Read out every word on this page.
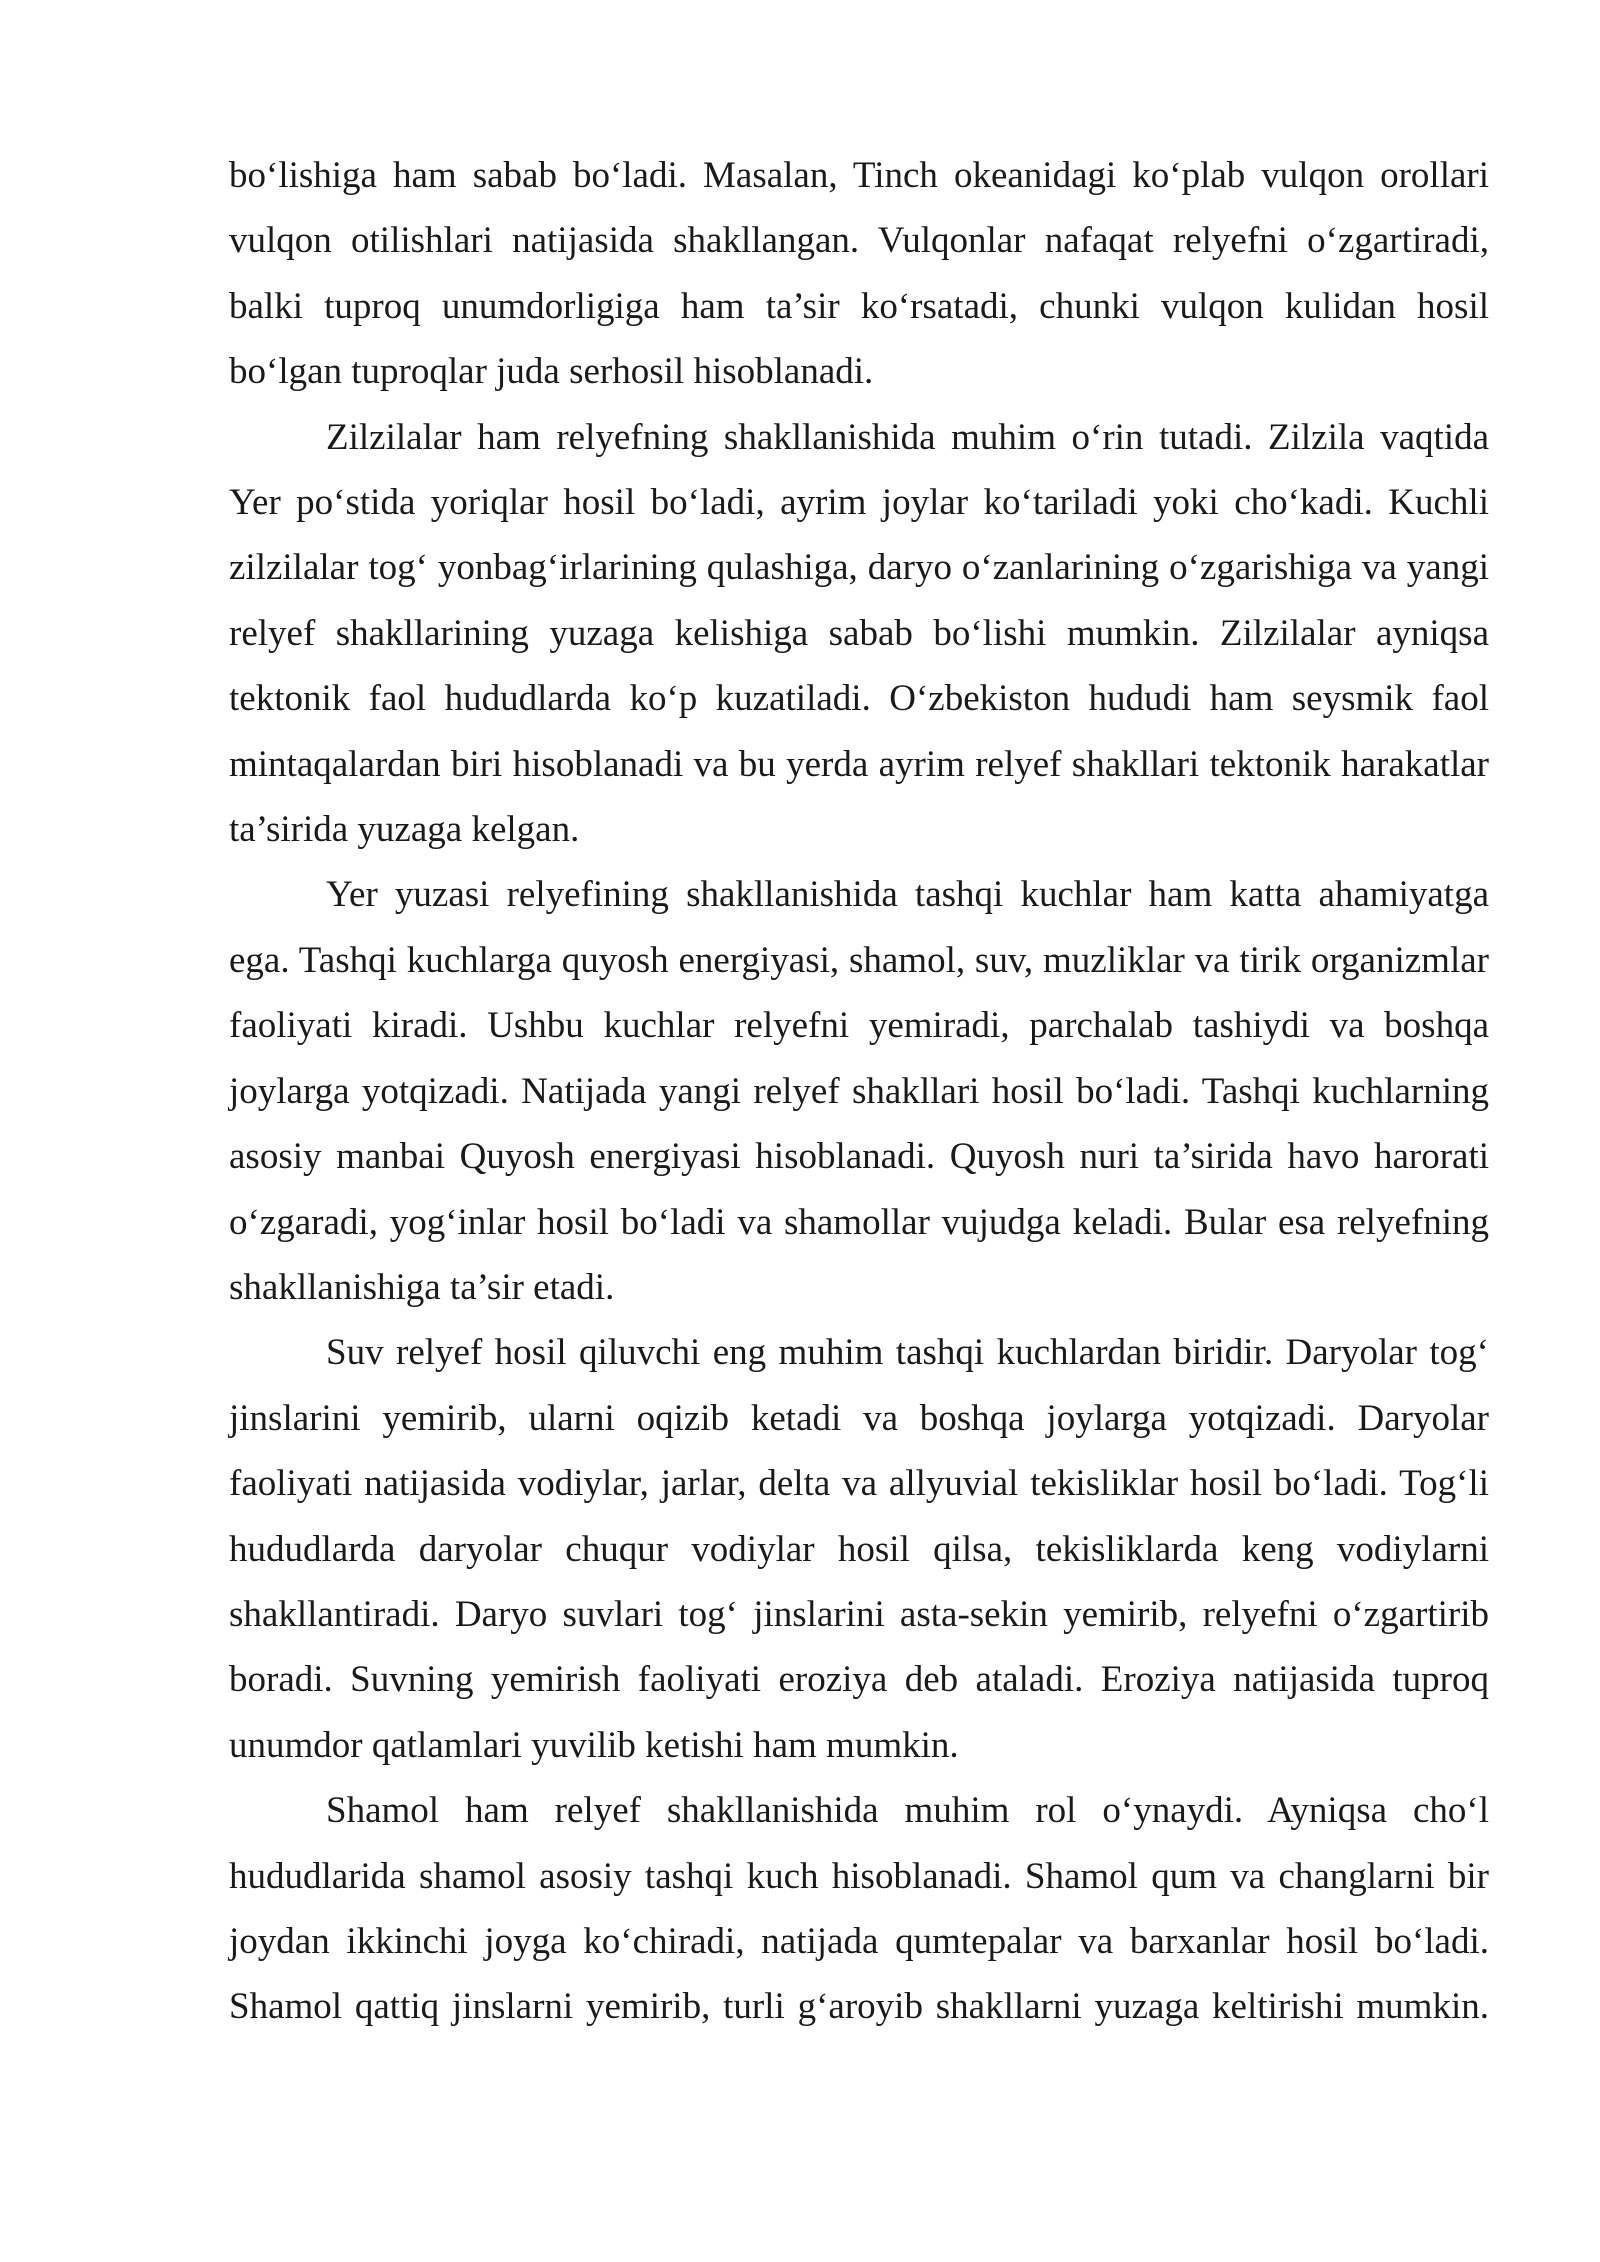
bo‘lishiga ham sabab bo‘ladi. Masalan, Tinch okeanidagi ko‘plab vulqon orollari vulqon otilishlari natijasida shakllangan. Vulqonlar nafaqat relyefni o‘zgartiradi, balki tuproq unumdorligiga ham ta’sir ko‘rsatadi, chunki vulqon kulidan hosil bo‘lgan tuproqlar juda serhosil hisoblanadi.

Zilzilalar ham relyefning shakllanishida muhim o‘rin tutadi. Zilzila vaqtida Yer po‘stida yoriqlar hosil bo‘ladi, ayrim joylar ko‘tariladi yoki cho‘kadi. Kuchli zilzilalar tog‘ yonbag‘irlarining qulashiga, daryo o‘zanlarining o‘zgarishiga va yangi relyef shakllarining yuzaga kelishiga sabab bo‘lishi mumkin. Zilzilalar ayniqsa tektonik faol hududlarda ko‘p kuzatiladi. O‘zbekiston hududi ham seysmik faol mintaqalardan biri hisoblanadi va bu yerda ayrim relyef shakllari tektonik harakatlar ta’sirida yuzaga kelgan.

Yer yuzasi relyefining shakllanishida tashqi kuchlar ham katta ahamiyatga ega. Tashqi kuchlarga quyosh energiyasi, shamol, suv, muzliklar va tirik organizmlar faoliyati kiradi. Ushbu kuchlar relyefni yemiradi, parchalab tashiydi va boshqa joylarga yotqizadi. Natijada yangi relyef shakllari hosil bo‘ladi. Tashqi kuchlarning asosiy manbai Quyosh energiyasi hisoblanadi. Quyosh nuri ta’sirida havo harorati o‘zgaradi, yog‘inlar hosil bo‘ladi va shamollar vujudga keladi. Bular esa relyefning shakllanishiga ta’sir etadi.

Suv relyef hosil qiluvchi eng muhim tashqi kuchlardan biridir. Daryolar tog‘ jinslarini yemirib, ularni oqizib ketadi va boshqa joylarga yotqizadi. Daryolar faoliyati natijasida vodiylar, jarlar, delta va allyuvial tekisliklar hosil bo‘ladi. Tog‘li hududlarda daryolar chuqur vodiylar hosil qilsa, tekisliklarda keng vodiylarni shakllantiradi. Daryo suvlari tog‘ jinslarini asta-sekin yemirib, relyefni o‘zgartirib boradi. Suvning yemirish faoliyati eroziya deb ataladi. Eroziya natijasida tuproq unumdor qatlamlari yuvilib ketishi ham mumkin.

Shamol ham relyef shakllanishida muhim rol o‘ynaydi. Ayniqsa cho‘l hududlarida shamol asosiy tashqi kuch hisoblanadi. Shamol qum va changlarni bir joydan ikkinchi joyga ko‘chiradi, natijada qumtepalar va barxanlar hosil bo‘ladi. Shamol qattiq jinslarni yemirib, turli g‘aroyib shakllarni yuzaga keltirishi mumkin.
